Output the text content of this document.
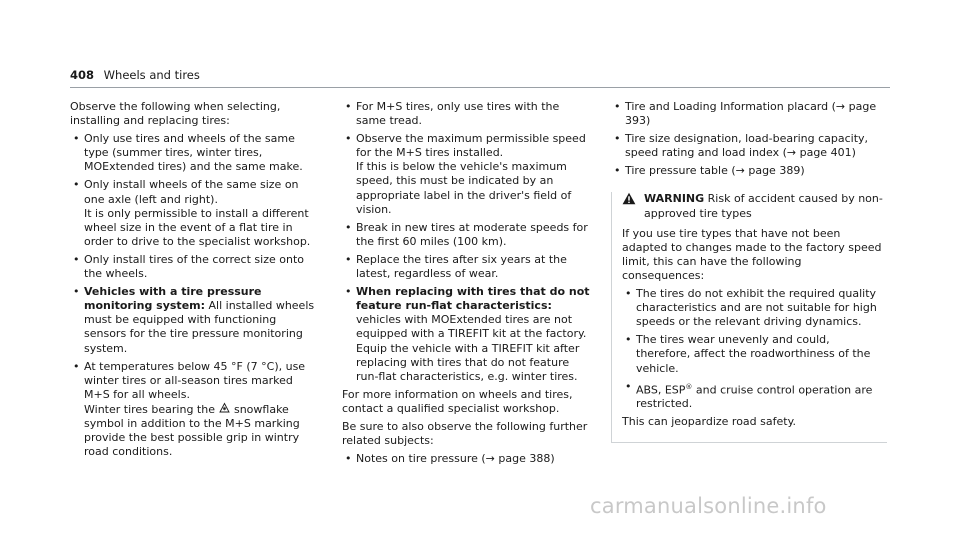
408 Wheels and tires

Observe the following when selecting, installing and replacing tires:

• Only use tires and wheels of the same type (summer tires, winter tires, MOExtended tires) and the same make.

• Only install wheels of the same size on one axle (left and right).

It is only permissible to install a different wheel size in the event of a flat tire in order to drive to the specialist workshop.

• Only install tires of the correct size onto the wheels.
• Vehicles with a tire pressure monitoring system: All installed wheels must be equipped with functioning sensors for the tire pressure monitoring system.

• At temperatures below 45 °F (7 °C), use winter tires or all-season tires marked M+S for all wheels.

Winter tires bearing the snowflake symbol in addition to the M+S marking provide the best possible grip in wintry road conditions.

• For M+S tires, only use tires with the same tread.

• Observe the maximum permissible speed for the M+S tires installed.

If this is below the vehicle's maximum speed, this must be indicated by an appropriate label in the driver's field of vision.

• Break in new tires at moderate speeds for the first 60 miles (100 km).
• Replace the tires after six years at the latest, regardless of wear.
• When replacing with tires that do not feature run-flat characteristics: vehicles with MOExtended tires are not equipped with a TIREFIT kit at the factory. Equip the vehicle with a TIREFIT kit after replacing with tires that do not feature run-flat characteristics, e.g. winter tires.

For more information on wheels and tires, contact a qualified specialist workshop.

Be sure to also observe the following further related subjects:

• Notes on tire pressure (→ page 388)
• Tire and Loading Information placard (→ page 393)
• Tire size designation, load-bearing capacity, speed rating and load index (→ page 401)
• Tire pressure table (→ page 389)
WARNING Risk of accident caused by non-approved tire types

If you use tire types that have not been adapted to changes made to the factory speed limit, this can have the following consequences:

• The tires do not exhibit the required quality characteristics and are not suitable for high speeds or the relevant driving dynamics.
• The tires wear unevenly and could, therefore, affect the roadworthiness of the vehicle.
• ABS, ESP® and cruise control operation are restricted.

This can jeopardize road safety.

carmanualsonline.info
